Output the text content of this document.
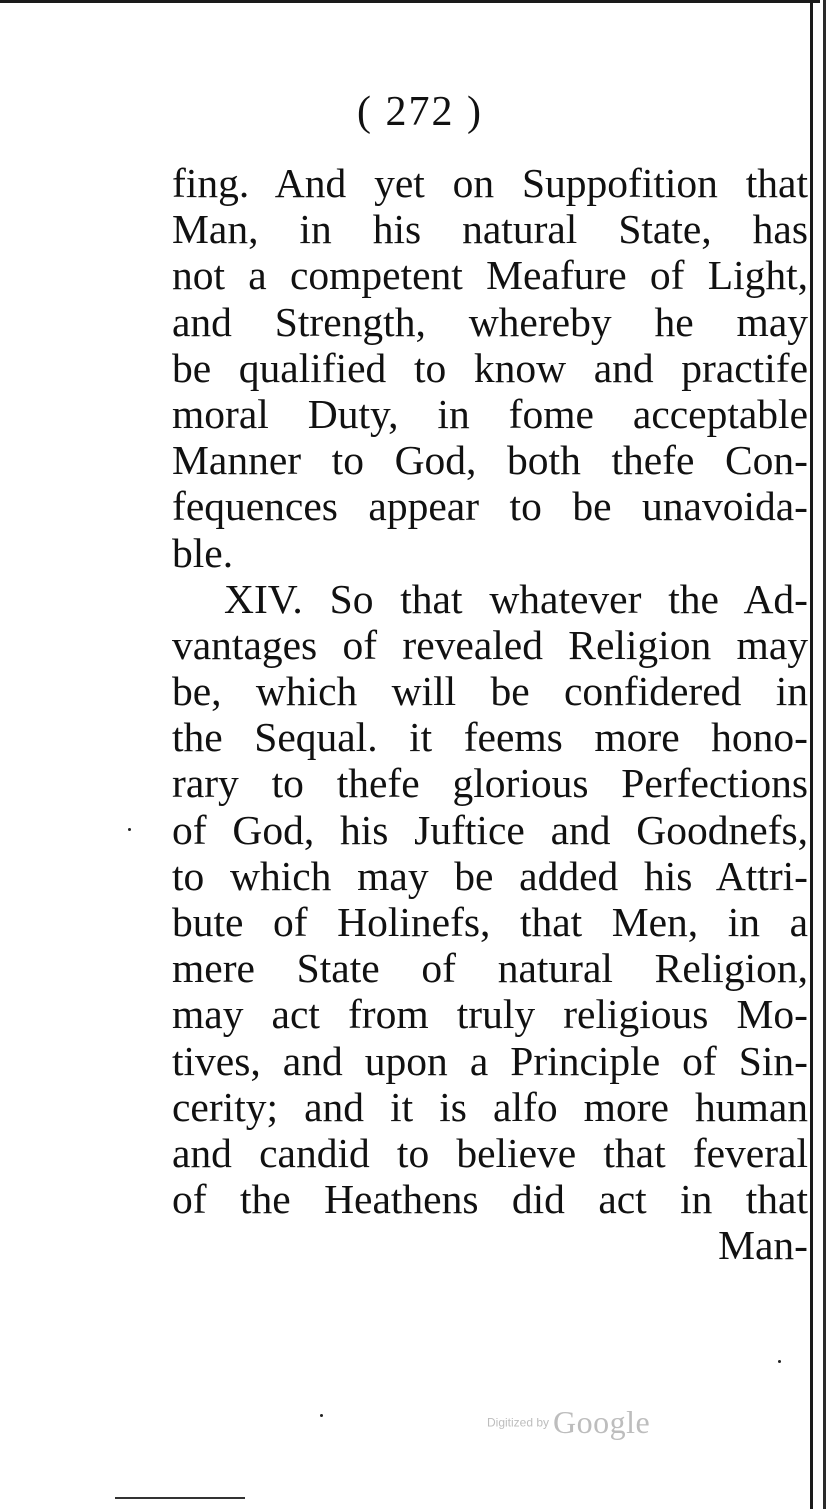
( 272 )
fing. And yet on Suppofition that
Man, in his natural State, has
not a competent Meafure of Light,
and Strength, whereby he may
be qualified to know and practife
moral Duty, in fome acceptable
Manner to God, both thefe Con-
fequences appear to be unavoida-
ble.
XIV. So that whatever the Ad-
vantages of revealed Religion may
be, which will be confidered in
the Sequal. it feems more hono-
rary to thefe glorious Perfections
of God, his Juftice and Goodnefs,
to which may be added his Attri-
bute of Holinefs, that Men, in a
mere State of natural Religion,
may act from truly religious Mo-
tives, and upon a Principle of Sin-
cerity; and it is alfo more human
and candid to believe that feveral
of the Heathens did act in that
Man-
Digitized by Google
